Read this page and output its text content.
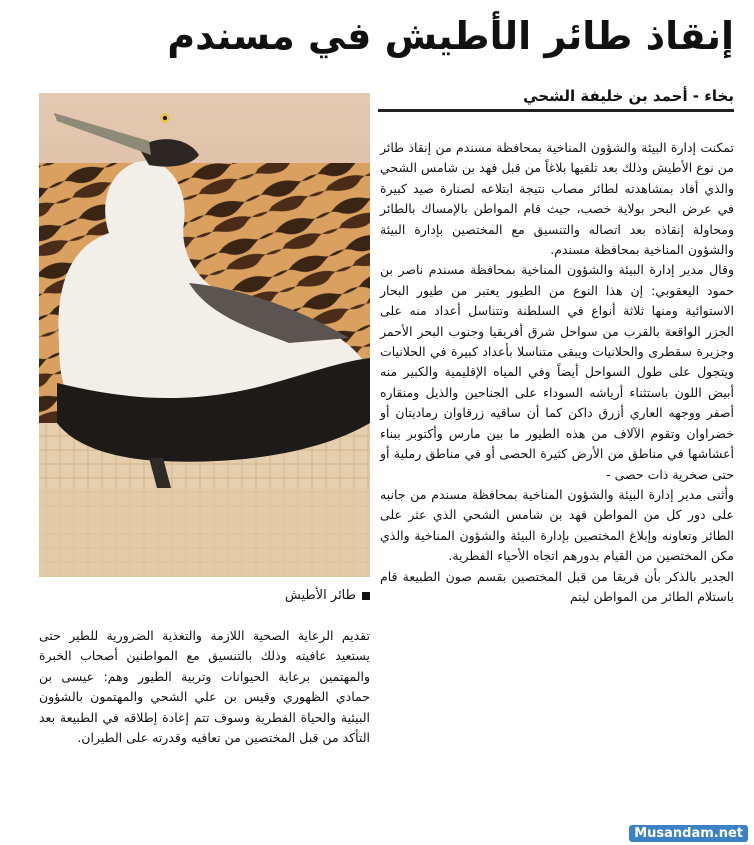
إنقاذ طائر الأطيش في مسندم
بخاء - أحمد بن خليفة الشحي
طائر الأطيش

تمكنت إدارة البيئة والشؤون المناخية بمحافظة مسندم من إنقاذ طائر من نوع الأطيش وذلك بعد تلقيها بلاغاً من قبل فهد بن شامس الشحي والذي أفاد بمشاهدته لطائر مصاب نتيجة ابتلاعه لصنارة صيد كبيرة في عرض البحر بولاية خصب، حيث قام المواطن بالإمساك بالطائر ومحاولة إنقاذه بعد اتصاله والتنسيق مع المختصين بإدارة البيئة والشؤون المناخية بمحافظة مسندم.

وقال مدير إدارة البيئة والشؤون المناخية بمحافظة مسندم ناصر بن حمود اليعقوبي: إن هذا النوع من الطيور يعتبر من طيور البحار الاستوائية ومنها ثلاثة أنواع في السلطنة وتتناسل أعداد منه على الجزر الواقعة بالقرب من سواحل شرق أفريقيا وجنوب البحر الأحمر وجزيرة سقطرى والحلانيات ويبقى متناسلا بأعداد كبيرة في الحلانيات ويتجول على طول السواحل أيضاً وفي المياه الإقليمية والكبير منه أبيض اللون باستثناء أرياشه السوداء على الجناحين والذيل ومنقاره أصفر ووجهه العاري أزرق داكن كما أن ساقيه زرقاوان رماديتان أو خضراوان وتقوم الآلاف من هذه الطيور ما بين مارس وأكتوبر ببناء أعشاشها في مناطق من الأرض كثيرة الحصى أو في مناطق رملية أو حتى صخرية ذات حصى -

وأثنى مدير إدارة البيئة والشؤون المناخية بمحافظة مسندم من جانبه على دور كل من المواطن فهد بن شامس الشحي الذي عثر على الطائر وتعاونه وإبلاغ المختصين بإدارة البيئة والشؤون المناخية والذي مكن المختصين من القيام بدورهم اتجاه الأحياء الفطرية.

الجدير بالذكر بأن فريقا من قبل المختصين بقسم صون الطبيعة قام باستلام الطائر من المواطن ليتم

تقديم الرعاية الصحية اللازمة والتغذية الضرورية للطير حتى يستعيد عافيته وذلك بالتنسيق مع المواطنين أصحاب الخبرة والمهتمين برعاية الحيوانات وتربية الطيور وهم: عيسى بن حمادي الظهوري وقيس بن علي الشحي والمهتمون بالشؤون البيئية والحياة الفطرية وسوف تتم إعادة إطلاقه في الطبيعة بعد التأكد من قبل المختصين من تعافيه وقدرته على الطيران.

Musandam.net
